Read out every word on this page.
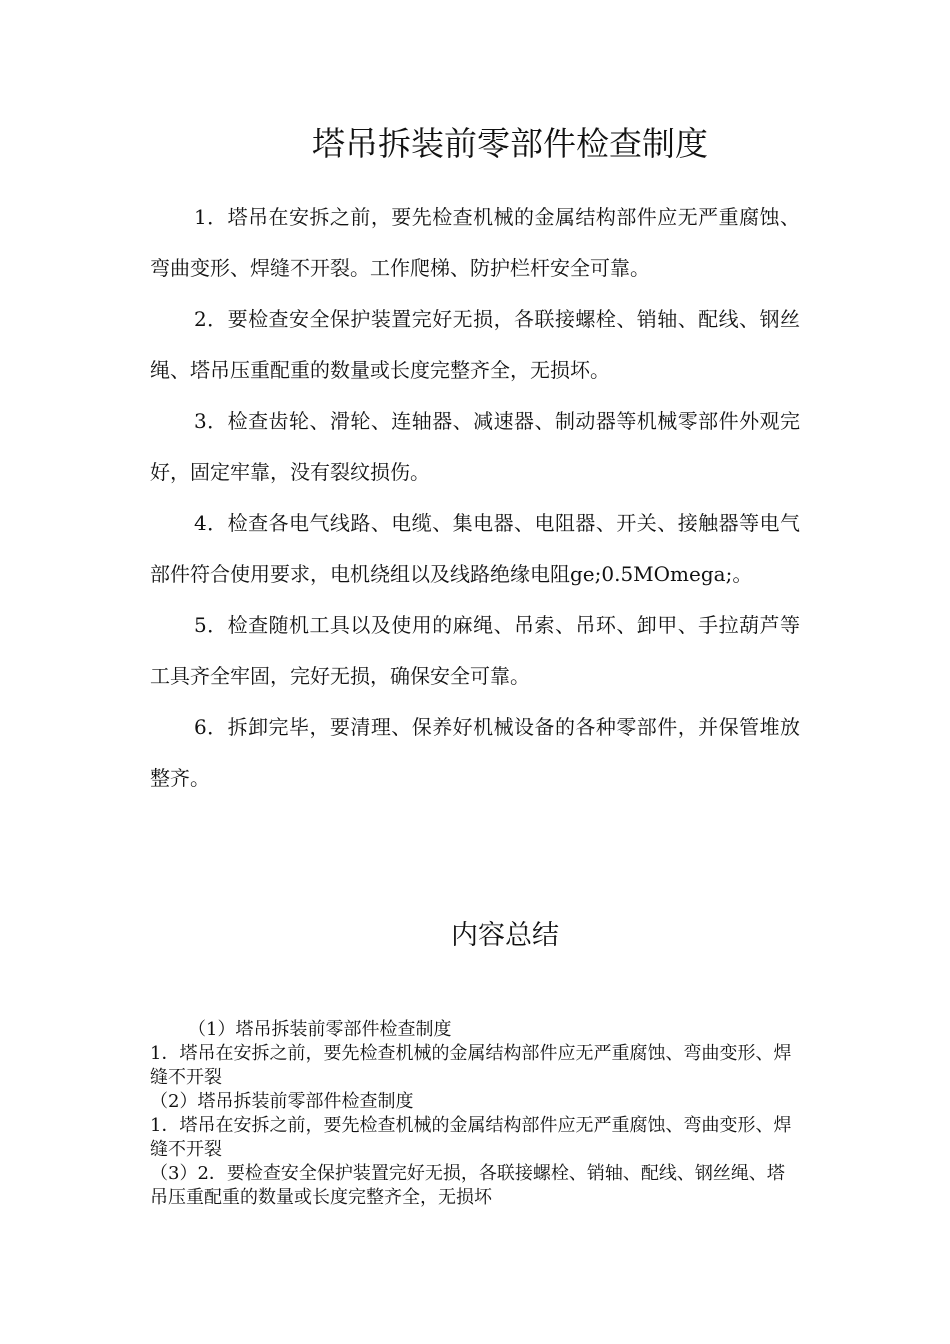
塔吊拆装前零部件检查制度

1．塔吊在安拆之前，要先检查机械的金属结构部件应无严重腐蚀、弯曲变形、焊缝不开裂。工作爬梯、防护栏杆安全可靠。

2．要检查安全保护装置完好无损，各联接螺栓、销轴、配线、钢丝绳、塔吊压重配重的数量或长度完整齐全，无损坏。

3．检查齿轮、滑轮、连轴器、减速器、制动器等机械零部件外观完好，固定牢靠，没有裂纹损伤。

4．检查各电气线路、电缆、集电器、电阻器、开关、接触器等电气部件符合使用要求，电机绕组以及线路绝缘电阻ge;0.5MOmega;。

5．检查随机工具以及使用的麻绳、吊索、吊环、卸甲、手拉葫芦等工具齐全牢固，完好无损，确保安全可靠。

6．拆卸完毕，要清理、保养好机械设备的各种零部件，并保管堆放整齐。

内容总结

（1）塔吊拆装前零部件检查制度

1．塔吊在安拆之前，要先检查机械的金属结构部件应无严重腐蚀、弯曲变形、焊缝不开裂

（2）塔吊拆装前零部件检查制度

1．塔吊在安拆之前，要先检查机械的金属结构部件应无严重腐蚀、弯曲变形、焊缝不开裂

（3）2．要检查安全保护装置完好无损，各联接螺栓、销轴、配线、钢丝绳、塔吊压重配重的数量或长度完整齐全，无损坏
